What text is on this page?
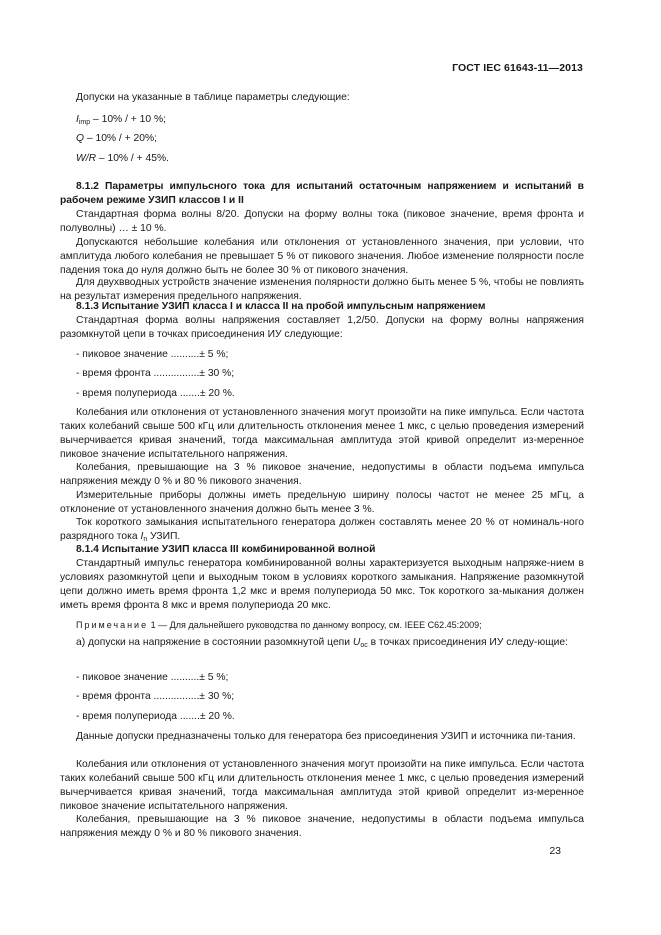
ГОСТ IEC 61643-11—2013

Допуски на указанные в таблице параметры следующие:

$I_{imp} - 10\%$ / + 10 %;

Q – 10% / + 20%;

W/R – 10% / + 45%.

8.1.2 Параметры импульсного тока для испытаний остаточным напряжением и испытаний в рабочем режиме УЗИП классов I и II

Стандартная форма волны 8/20. Допуски на форму волны тока (пиковое значение, время фронта и полуволны) … ± 10 %.

Допускаются небольшие колебания или отклонения от установленного значения, при условии, что амплитуда любого колебания не превышает 5 % от пикового значения. Любое изменение полярности после падения тока до нуля должно быть не более 30 % от пикового значения.

Для двухвводных устройств значение изменения полярности должно быть менее 5 %, чтобы не повлиять на результат измерения предельного напряжения.

8.1.3 Испытание УЗИП класса I и класса II на пробой импульсным напряжением

Стандартная форма волны напряжения составляет 1,2/50. Допуски на форму волны напряжения разомкнутой цепи в точках присоединения ИУ следующие:

- пиковое значение ..........± 5 %;

- время фронта ................± 30 %;

- время полупериода .......± 20 %.

Колебания или отклонения от установленного значения могут произойти на пике импульса. Если частота таких колебаний свыше 500 кГц или длительность отклонения менее 1 мкс, с целью проведения измерений вычерчивается кривая значений, тогда максимальная амплитуда этой кривой определит из-меренное пиковое значение испытательного напряжения.

Колебания, превышающие на 3 % пиковое значение, недопустимы в области подъема импульса напряжения между 0 % и 80 % пикового значения.

Измерительные приборы должны иметь предельную ширину полосы частот не менее 25 мГц, а отклонение от установленного значения должно быть менее 3 %.

Ток короткого замыкания испытательного генератора должен составлять менее 20 % от номиналь-ного разрядного тока $I_n$ УЗИП.

8.1.4 Испытание УЗИП класса III комбинированной волной

Стандартный импульс генератора комбинированной волны характеризуется выходным напряже-нием в условиях разомкнутой цепи и выходным током в условиях короткого замыкания. Напряжение разомкнутой цепи должно иметь время фронта 1,2 мкс и время полупериода 50 мкс. Ток короткого за-мыкания должен иметь время фронта 8 мкс и время полупериода 20 мкс.

Примечание 1 — Для дальнейшего руководства по данному вопросу, см. IEEE C62.45:2009;

а) допуски на напряжение в состоянии разомкнутой цепи $U_{oc}$ в точках присоединения ИУ следу-ющие:

- пиковое значение ..........± 5 %;

- время фронта ................± 30 %;

- время полупериода .......± 20 %.

Данные допуски предназначены только для генератора без присоединения УЗИП и источника пи-тания.

Колебания или отклонения от установленного значения могут произойти на пике импульса. Если частота таких колебаний свыше 500 кГц или длительность отклонения менее 1 мкс, с целью проведения измерений вычерчивается кривая значений, тогда максимальная амплитуда этой кривой определит из-меренное пиковое значение испытательного напряжения.

Колебания, превышающие на 3 % пиковое значение, недопустимы в области подъема импульса напряжения между 0 % и 80 % пикового значения.

23
